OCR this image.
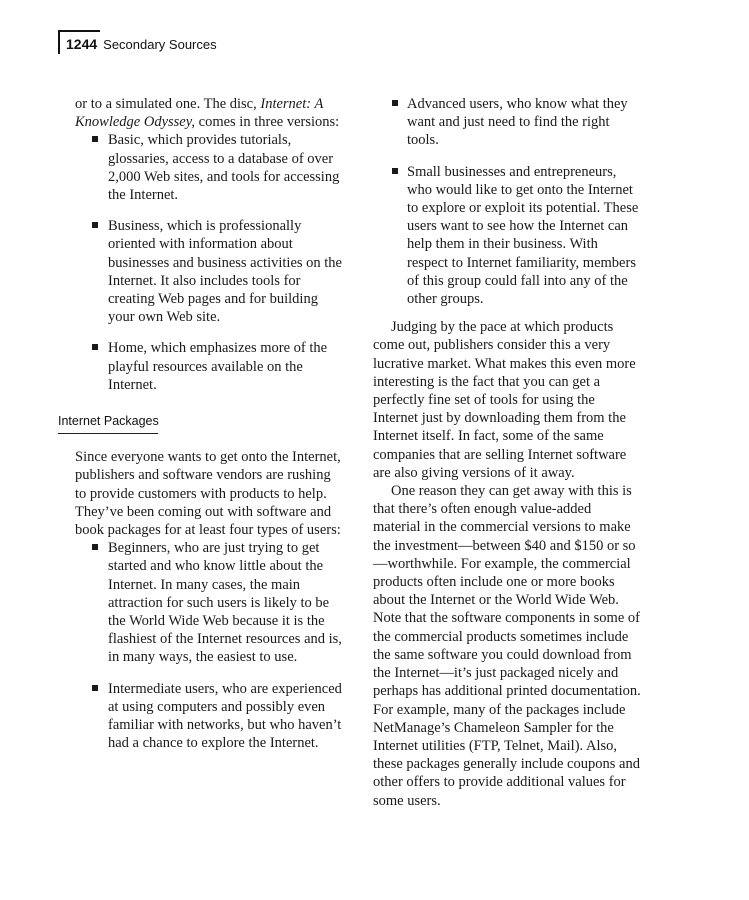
1244 Secondary Sources

or to a simulated one. The disc, Internet: A Knowledge Odyssey, comes in three versions:

Basic, which provides tutorials, glossaries, access to a database of over 2,000 Web sites, and tools for accessing the Internet.
Business, which is professionally oriented with information about businesses and business activities on the Internet. It also includes tools for creating Web pages and for building your own Web site.
Home, which emphasizes more of the playful resources available on the Internet.
Internet Packages

Since everyone wants to get onto the Internet, publishers and software vendors are rushing to provide customers with products to help. They’ve been coming out with software and book packages for at least four types of users:

Beginners, who are just trying to get started and who know little about the Internet. In many cases, the main attraction for such users is likely to be the World Wide Web because it is the flashiest of the Internet resources and is, in many ways, the easiest to use.
Intermediate users, who are experienced at using computers and possibly even familiar with networks, but who haven’t had a chance to explore the Internet.
Advanced users, who know what they want and just need to find the right tools.
Small businesses and entrepreneurs, who would like to get onto the Internet to explore or exploit its potential. These users want to see how the Internet can help them in their business. With respect to Internet familiarity, members of this group could fall into any of the other groups.

Judging by the pace at which products come out, publishers consider this a very lucrative market. What makes this even more interesting is the fact that you can get a perfectly fine set of tools for using the Internet just by downloading them from the Internet itself. In fact, some of the same companies that are selling Internet software are also giving versions of it away.

One reason they can get away with this is that there’s often enough value-added material in the commercial versions to make the investment—between $40 and $150 or so—worthwhile. For example, the commercial products often include one or more books about the Internet or the World Wide Web. Note that the software components in some of the commercial products sometimes include the same software you could download from the Internet—it’s just packaged nicely and perhaps has additional printed documentation. For example, many of the packages include NetManage’s Chameleon Sampler for the Internet utilities (FTP, Telnet, Mail). Also, these packages generally include coupons and other offers to provide additional values for some users.
